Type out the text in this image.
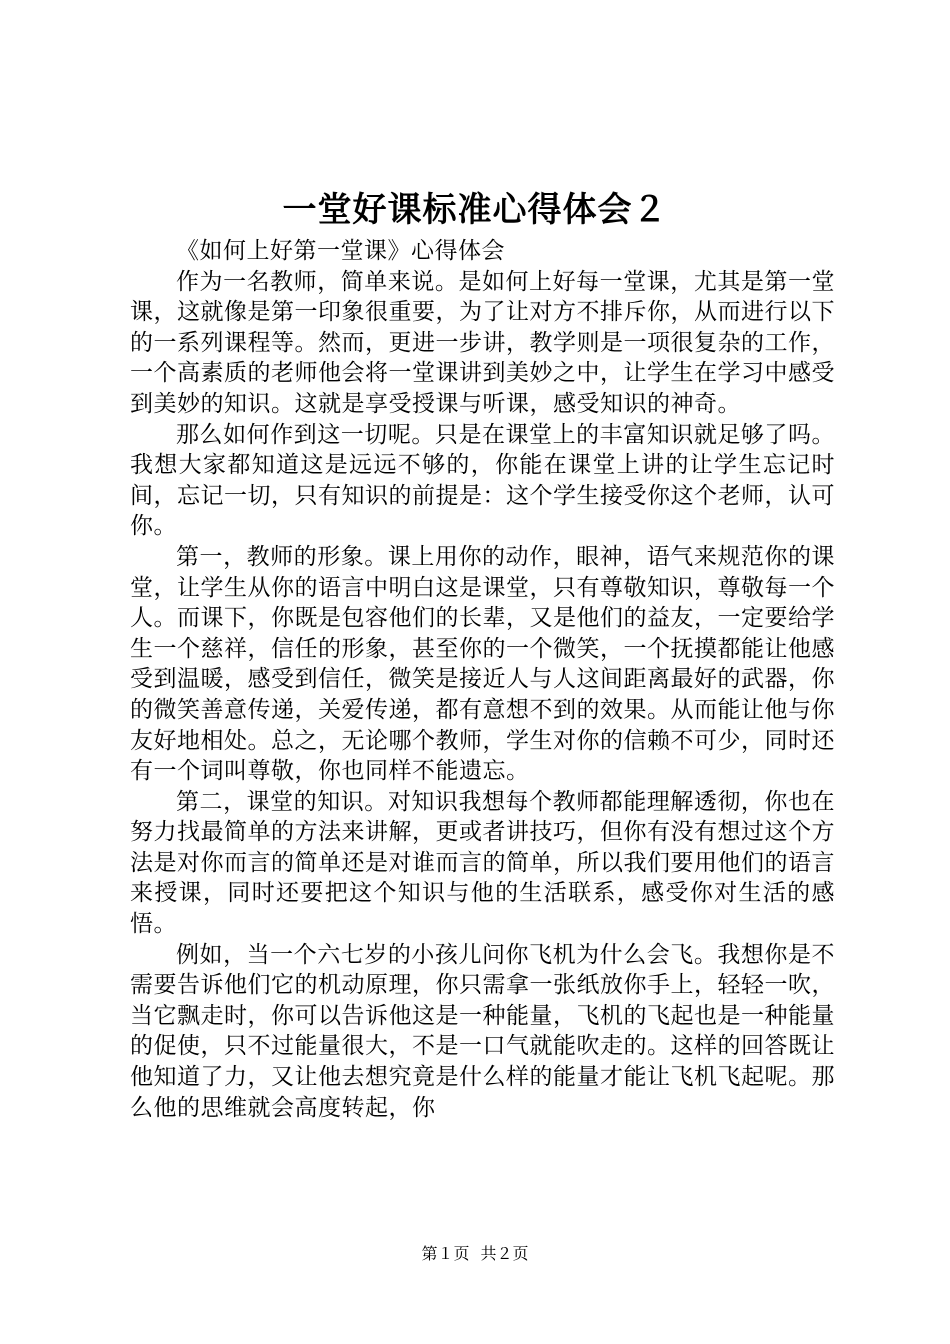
一堂好课标准心得体会２

《如何上好第一堂课》心得体会

作为一名教师，简单来说。是如何上好每一堂课，尤其是第一堂课，这就像是第一印象很重要，为了让对方不排斥你，从而进行以下的一系列课程等。然而，更进一步讲，教学则是一项很复杂的工作，一个高素质的老师他会将一堂课讲到美妙之中，让学生在学习中感受到美妙的知识。这就是享受授课与听课，感受知识的神奇。

那么如何作到这一切呢。只是在课堂上的丰富知识就足够了吗。我想大家都知道这是远远不够的，你能在课堂上讲的让学生忘记时间，忘记一切，只有知识的前提是：这个学生接受你这个老师，认可你。

第一，教师的形象。课上用你的动作，眼神，语气来规范你的课堂，让学生从你的语言中明白这是课堂，只有尊敬知识，尊敬每一个人。而课下，你既是包容他们的长辈，又是他们的益友，一定要给学生一个慈祥，信任的形象，甚至你的一个微笑，一个抚摸都能让他感受到温暖，感受到信任，微笑是接近人与人这间距离最好的武器，你的微笑善意传递，关爱传递，都有意想不到的效果。从而能让他与你友好地相处。总之，无论哪个教师，学生对你的信赖不可少，同时还有一个词叫尊敬，你也同样不能遗忘。

第二，课堂的知识。对知识我想每个教师都能理解透彻，你也在努力找最简单的方法来讲解，更或者讲技巧，但你有没有想过这个方法是对你而言的简单还是对谁而言的简单，所以我们要用他们的语言来授课，同时还要把这个知识与他的生活联系，感受你对生活的感悟。

例如，当一个六七岁的小孩儿问你飞机为什么会飞。我想你是不需要告诉他们它的机动原理，你只需拿一张纸放你手上，轻轻一吹，当它飘走时，你可以告诉他这是一种能量，飞机的飞起也是一种能量的促使，只不过能量很大，不是一口气就能吹走的。这样的回答既让他知道了力，又让他去想究竟是什么样的能量才能让飞机飞起呢。那么他的思维就会高度转起，你

第１页 共２页
